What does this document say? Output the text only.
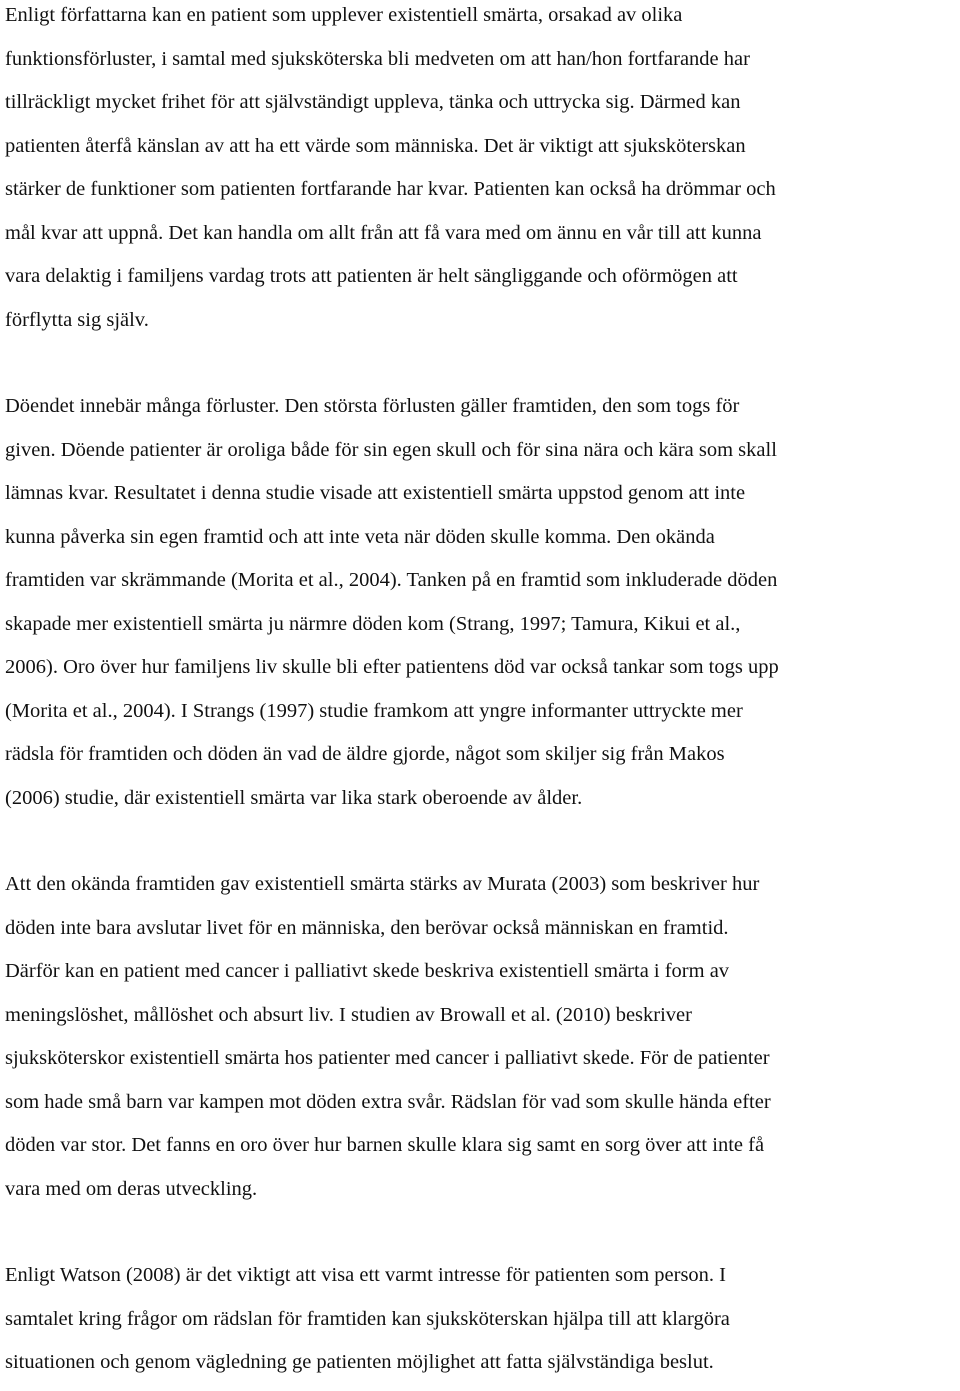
Enligt författarna kan en patient som upplever existentiell smärta, orsakad av olika
funktionsförluster, i samtal med sjuksköterska bli medveten om att han/hon fortfarande har
tillräckligt mycket frihet för att självständigt uppleva, tänka och uttrycka sig. Därmed kan
patienten återfå känslan av att ha ett värde som människa. Det är viktigt att sjuksköterskan
stärker de funktioner som patienten fortfarande har kvar. Patienten kan också ha drömmar och
mål kvar att uppnå. Det kan handla om allt från att få vara med om ännu en vår till att kunna
vara delaktig i familjens vardag trots att patienten är helt sängliggande och oförmögen att
förflytta sig själv.

Döendet innebär många förluster. Den största förlusten gäller framtiden, den som togs för
given. Döende patienter är oroliga både för sin egen skull och för sina nära och kära som skall
lämnas kvar. Resultatet i denna studie visade att existentiell smärta uppstod genom att inte
kunna påverka sin egen framtid och att inte veta när döden skulle komma. Den okända
framtiden var skrämmande (Morita et al., 2004). Tanken på en framtid som inkluderade döden
skapade mer existentiell smärta ju närmre döden kom (Strang, 1997; Tamura, Kikui et al.,
2006). Oro över hur familjens liv skulle bli efter patientens död var också tankar som togs upp
(Morita et al., 2004). I Strangs (1997) studie framkom att yngre informanter uttryckte mer
rädsla för framtiden och döden än vad de äldre gjorde, något som skiljer sig från Makos
(2006) studie, där existentiell smärta var lika stark oberoende av ålder.

Att den okända framtiden gav existentiell smärta stärks av Murata (2003) som beskriver hur
döden inte bara avslutar livet för en människa, den berövar också människan en framtid.
Därför kan en patient med cancer i palliativt skede beskriva existentiell smärta i form av
meningslöshet, mållöshet och absurt liv. I studien av Browall et al. (2010) beskriver
sjuksköterskor existentiell smärta hos patienter med cancer i palliativt skede. För de patienter
som hade små barn var kampen mot döden extra svår. Rädslan för vad som skulle hända efter
döden var stor. Det fanns en oro över hur barnen skulle klara sig samt en sorg över att inte få
vara med om deras utveckling.

Enligt Watson (2008) är det viktigt att visa ett varmt intresse för patienten som person. I
samtalet kring frågor om rädslan för framtiden kan sjuksköterskan hjälpa till att klargöra
situationen och genom vägledning ge patienten möjlighet att fatta självständiga beslut.
